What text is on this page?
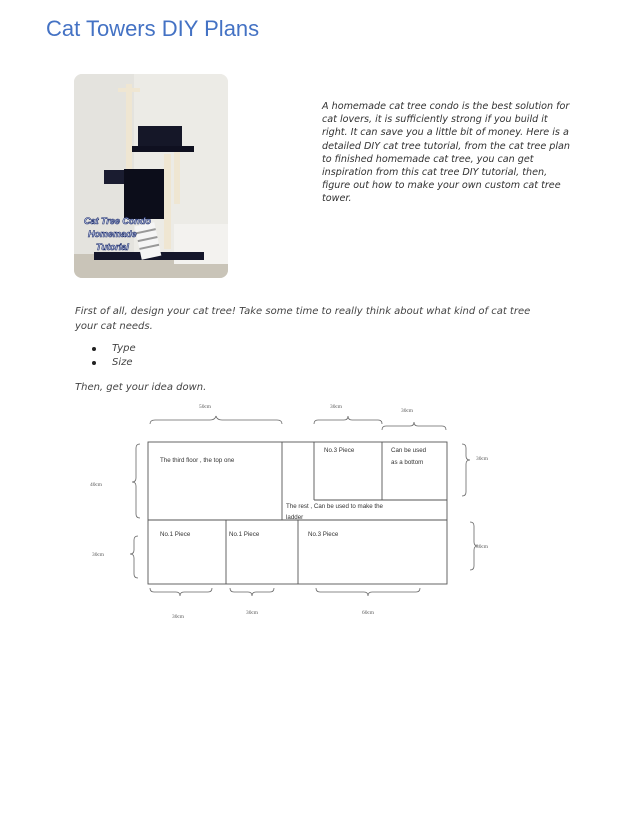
Cat Towers DIY Plans
Cat Tree Condo
Homemade
Tutorial
A homemade cat tree condo is the best solution for cat lovers, it is sufficiently strong if you build it right. It can save you a little bit of money. Here is a detailed DIY cat tree tutorial, from the cat tree plan to finished homemade cat tree, you can get inspiration from this cat tree DIY tutorial, then, figure out how to make your own custom cat tree tower.
First of all, design your cat tree! Take some time to really think about what kind of cat tree your cat needs.
Type
Size
Then, get your idea down.
The third floor , the top one
No.3 Piece	Can be used
as a bottom
The rest , Can be used to make the
ladder
No.1 Piece	No.1 Piece	No.3 Piece
50cm	30cm
30cm
30cm
30cm
40cm
30cm
30cm
30cm	60cm
